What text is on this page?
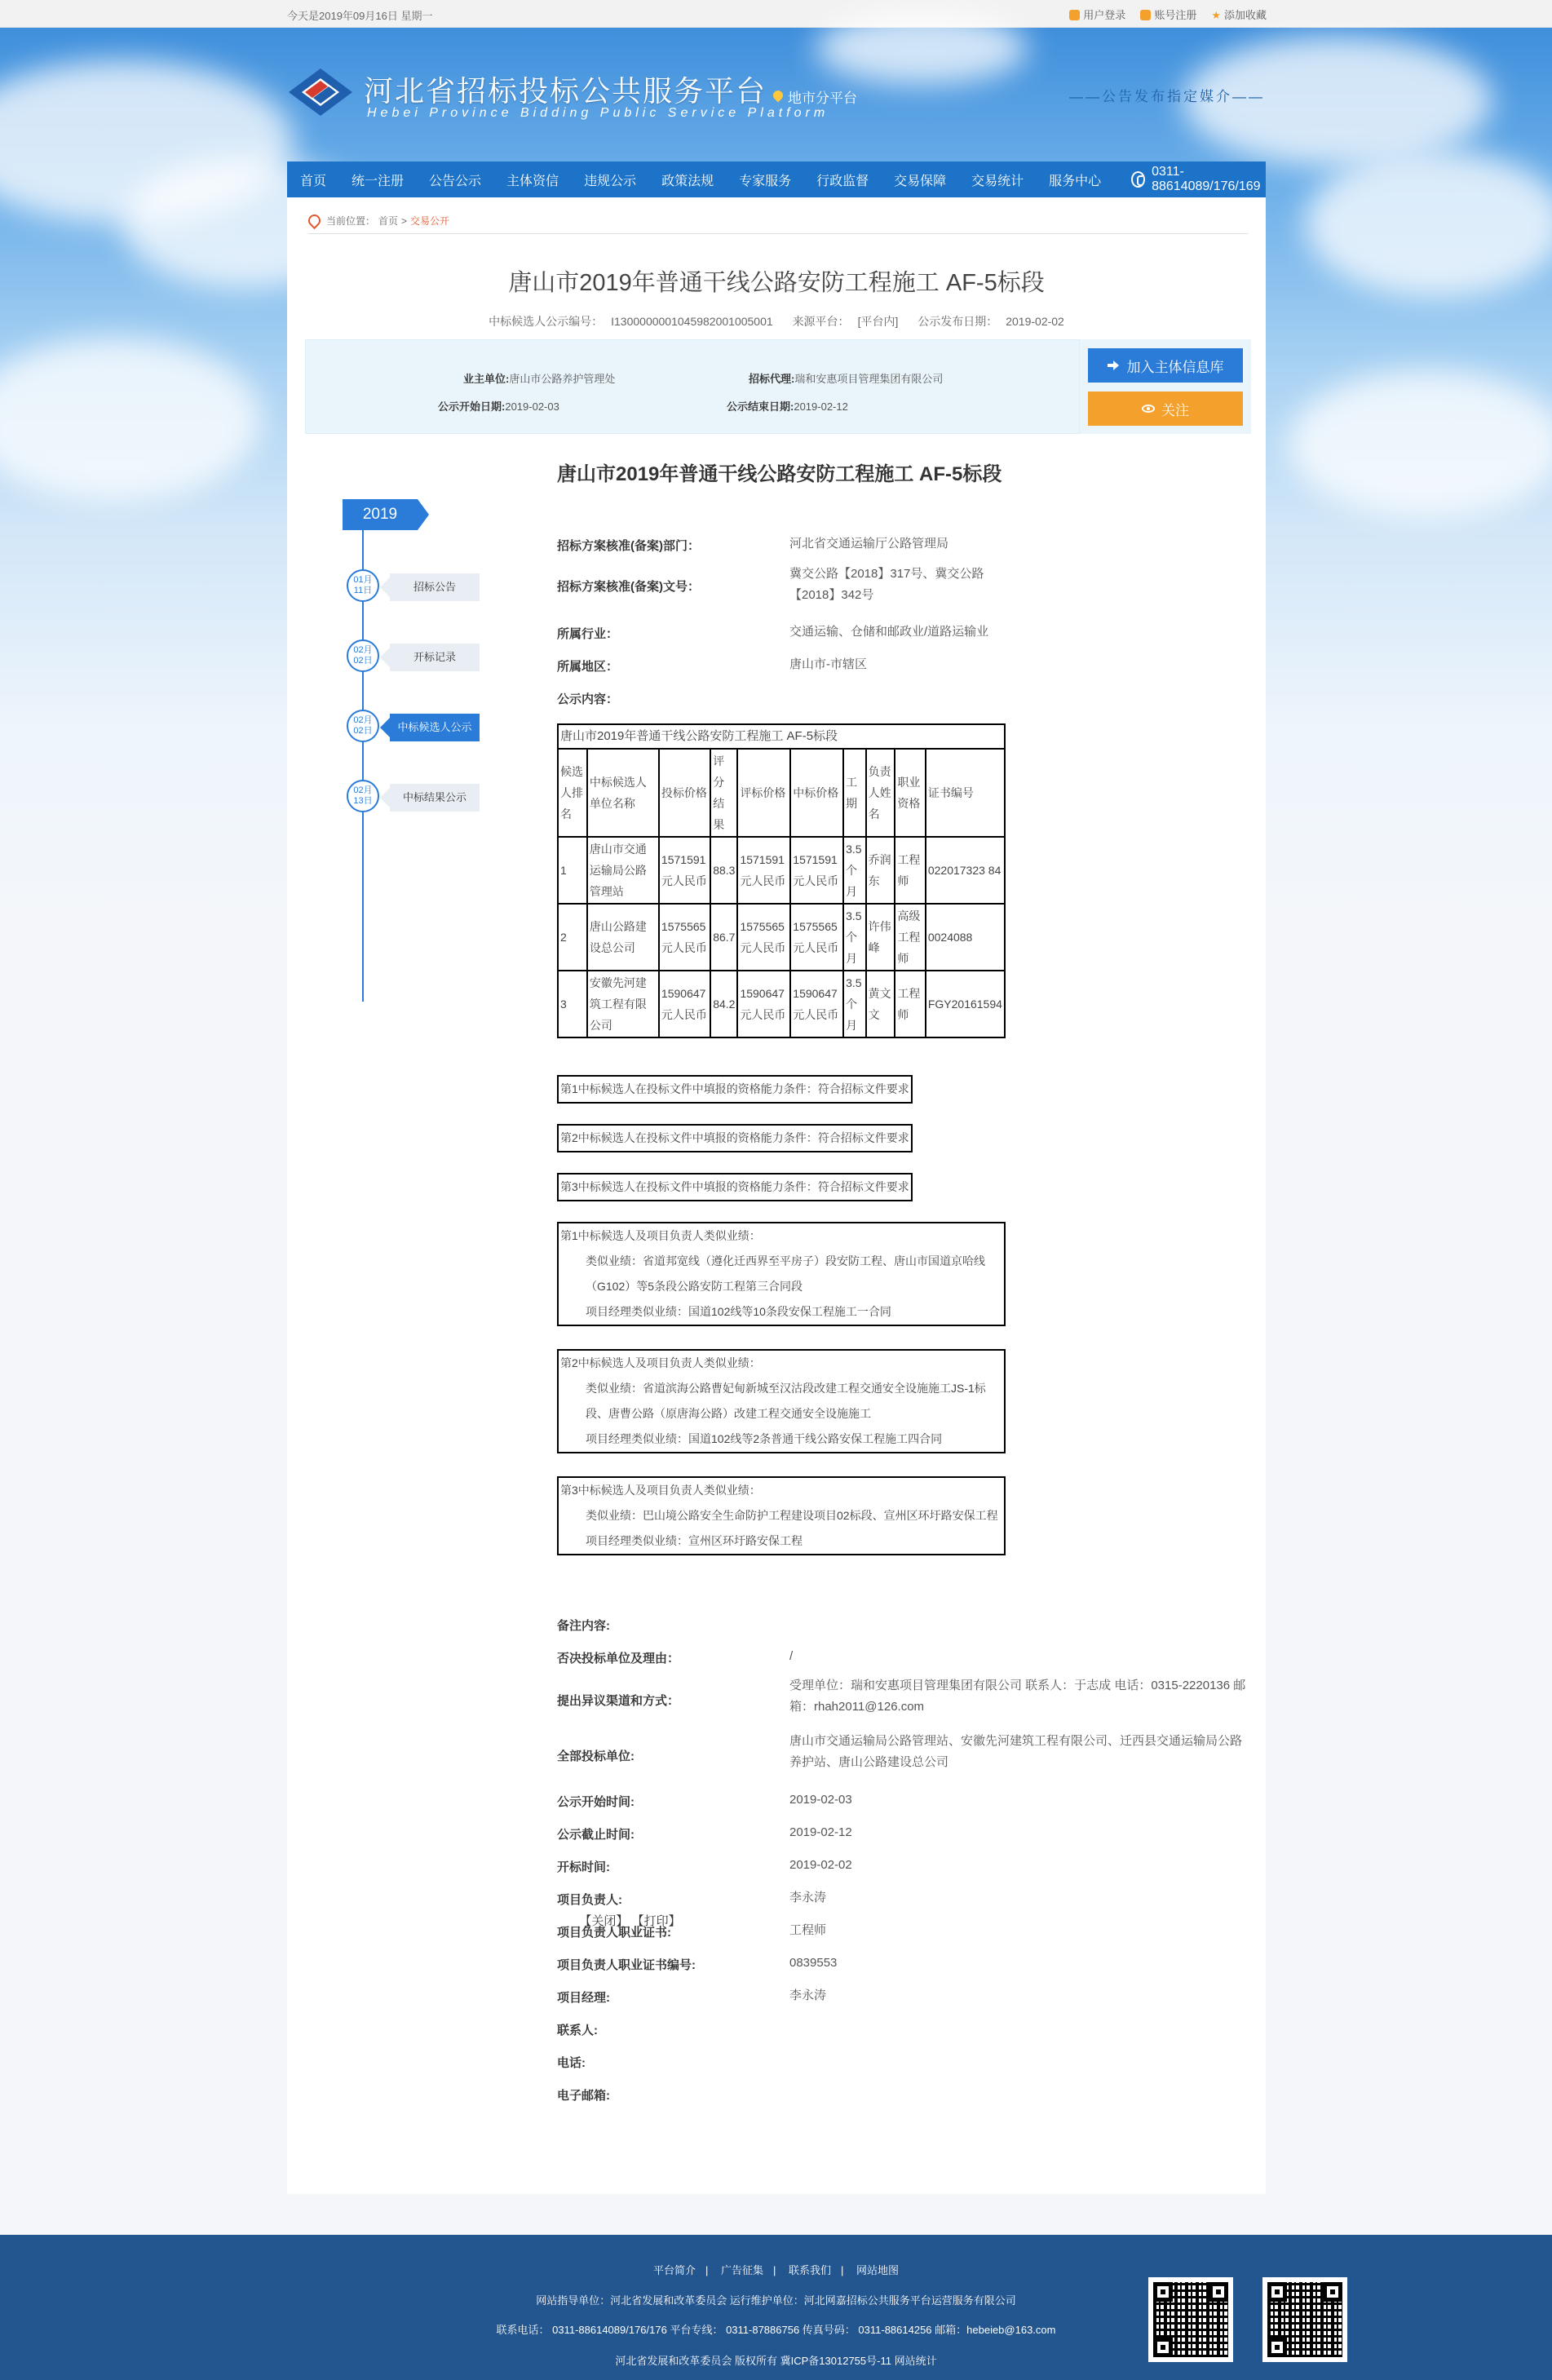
今天是2019年09月16日 星期一	用户登录	账号注册 ★ 添加收藏
河北省招标投标公共服务平台
Hebei Province Bidding Public Service Platform
地市分平台	——公告发布指定媒介——
首页 统一注册 公告公示 主体资信 违规公示 政策法规 专家服务 行政监督 交易保障 交易统计 服务中心
0311-88614089/176/169
当前位置： 首页 > 交易公开
唐山市2019年普通干线公路安防工程施工 AF-5标段
中标候选人公示编号： I1300000001045982001005001 来源平台： [平台内] 公示发布日期： 2019-02-02
业主单位:唐山市公路养护管理处	招标代理:瑞和安惠项目管理集团有限公司
公示开始日期:2019-02-03	公示结束日期:2019-02-12
加入主体信息库
关注
2019
01月
11日	招标公告
02月
02日	开标记录
02月
02日	中标候选人公示
02月
13日	中标结果公示
唐山市2019年普通干线公路安防工程施工 AF-5标段
招标方案核准(备案)部门：	河北省交通运输厅公路管理局
招标方案核准(备案)文号：
冀交公路【2018】317号、冀交公路【2018】342号
所属行业：	交通运输、仓储和邮政业/道路运输业
所属地区：	唐山市-市辖区
公示内容：
唐山市2019年普通干线公路安防工程施工 AF-5标段									
候选人排名	中标候选人单位名称	投标价格	评分结果	评标价格	中标价格	工期	负责人姓名	职业资格	证书编号
1	唐山市交通运输局公路管理站	1571591元人民币	88.3	1571591元人民币	1571591元人民币	3.5个月	乔润东	工程师	022017323 84
2	唐山公路建设总公司	1575565元人民币	86.7	1575565元人民币	1575565元人民币	3.5个月	许伟峰	高级工程师	0024088
3	安徽先河建筑工程有限公司	1590647元人民币	84.2	1590647元人民币	1590647元人民币	3.5个月	黄文文	工程师	FGY20161594
第1中标候选人在投标文件中填报的资格能力条件：符合招标文件要求
第2中标候选人在投标文件中填报的资格能力条件：符合招标文件要求
第3中标候选人在投标文件中填报的资格能力条件：符合招标文件要求
第1中标候选人及项目负责人类似业绩：
类似业绩：省道邦宽线（遵化迁西界至平房子）段安防工程、唐山市国道京哈线（G102）等5条段公路安防工程第三合同段
项目经理类似业绩：国道102线等10条段安保工程施工一合同
第2中标候选人及项目负责人类似业绩：
类似业绩：省道滨海公路曹妃甸新城至汉沽段改建工程交通安全设施施工JS-1标段、唐曹公路（原唐海公路）改建工程交通安全设施施工
项目经理类似业绩：国道102线等2条普通干线公路安保工程施工四合同
第3中标候选人及项目负责人类似业绩：
类似业绩：巴山境公路安全生命防护工程建设项目02标段、宣州区环圩路安保工程
项目经理类似业绩：宣州区环圩路安保工程
备注内容:
否决投标单位及理由：	/
提出异议渠道和方式：
受理单位：瑞和安惠项目管理集团有限公司 联系人：于志成 电话：0315-2220136 邮箱：rhah2011@126.com
全部投标单位:
唐山市交通运输局公路管理站、安徽先河建筑工程有限公司、迁西县交通运输局公路养护站、唐山公路建设总公司
公示开始时间:	2019-02-03
公示截止时间:	2019-02-12
开标时间:	2019-02-02
项目负责人:	李永涛
项目负责人职业证书:	工程师
项目负责人职业证书编号:	0839553
项目经理:	李永涛
联系人:
电话:
电子邮箱:
【关闭】 【打印】
平台简介 | 广告征集 | 联系我们 | 网站地图
网站指导单位：河北省发展和改革委员会 运行维护单位：河北网嘉招标公共服务平台运营服务有限公司
联系电话： 0311-88614089/176/176 平台专线： 0311-87886756 传真号码： 0311-88614256 邮箱：hebeieb@163.com
河北省发展和改革委员会 版权所有 冀ICP备13012755号-11 网站统计
